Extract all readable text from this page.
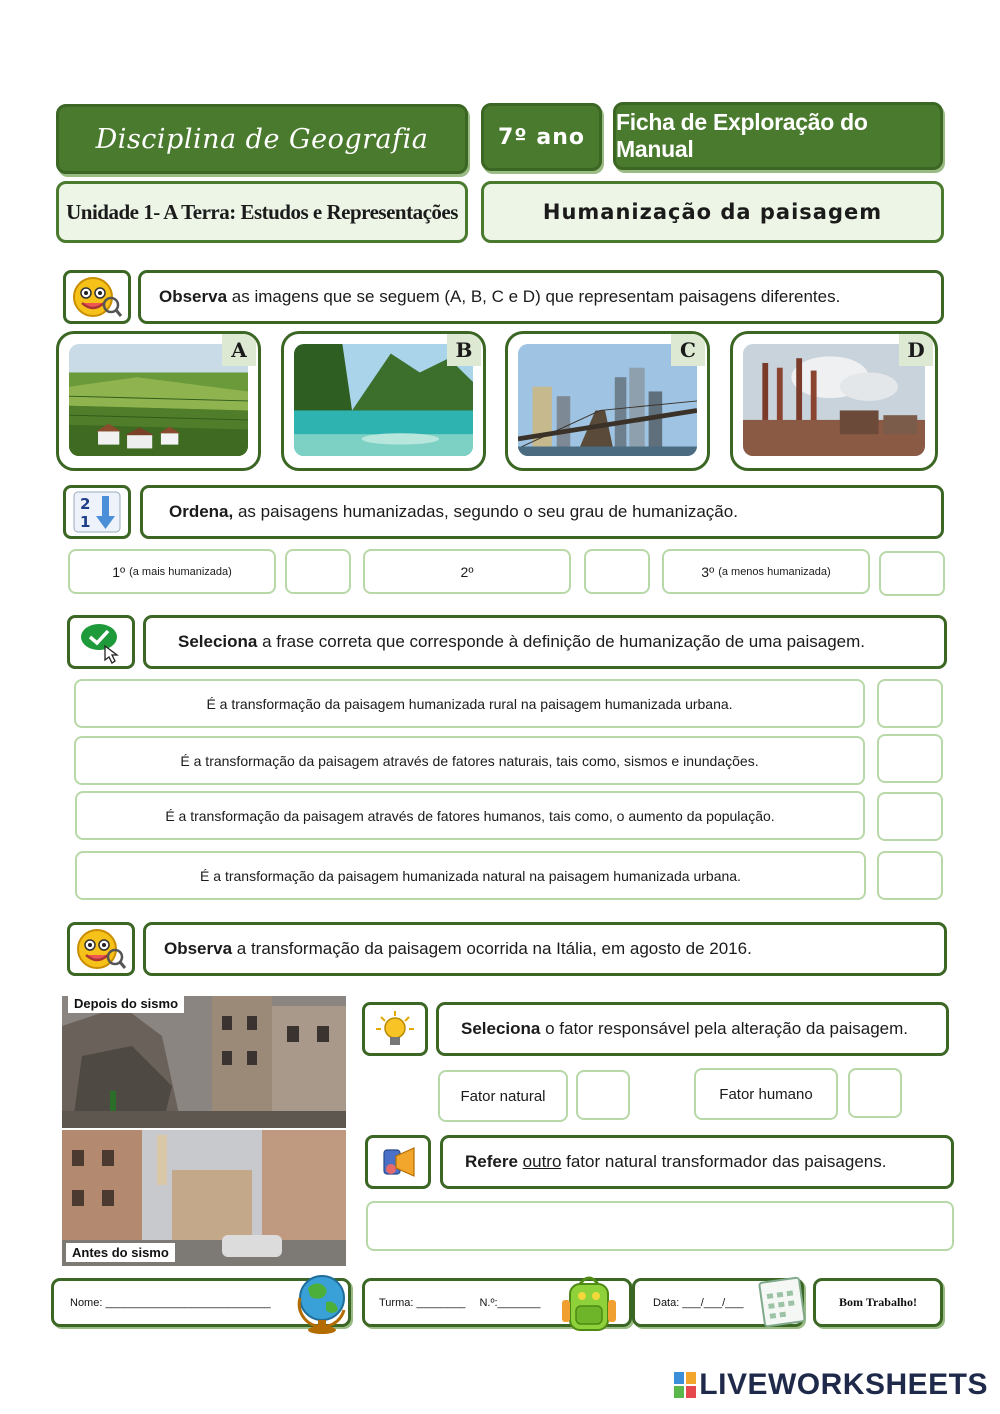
Disciplina de Geografia	7º ano
Ficha de Exploração do Manual
Unidade 1- A Terra: Estudos e Representações	Humanização da paisagem
Observa as imagens que se seguem (A, B, C e D) que representam paisagens diferentes.
A	B	C	D
2
1
Ordena, as paisagens humanizadas, segundo o seu grau de humanização.
1º (a mais humanizada)	2º	3º (a menos humanizada)
Seleciona a frase correta que corresponde à definição de humanização de uma paisagem.
É a transformação da paisagem humanizada rural na paisagem humanizada urbana.
É a transformação da paisagem através de fatores naturais, tais como, sismos e inundações.
É a transformação da paisagem através de fatores humanos, tais como, o aumento da população.
É a transformação da paisagem humanizada natural na paisagem humanizada urbana.
Observa a transformação da paisagem ocorrida na Itália, em agosto de 2016.
Depois do sismo
Antes do sismo
Seleciona o fator responsável pela alteração da paisagem.
Fator natural	Fator humano
Refere outro fator natural transformador das paisagens.
Nome: ___________________________	Turma: ________ N.º:_______	Data: ___/___/___	Bom Trabalho!
LIVEWORKSHEETS
